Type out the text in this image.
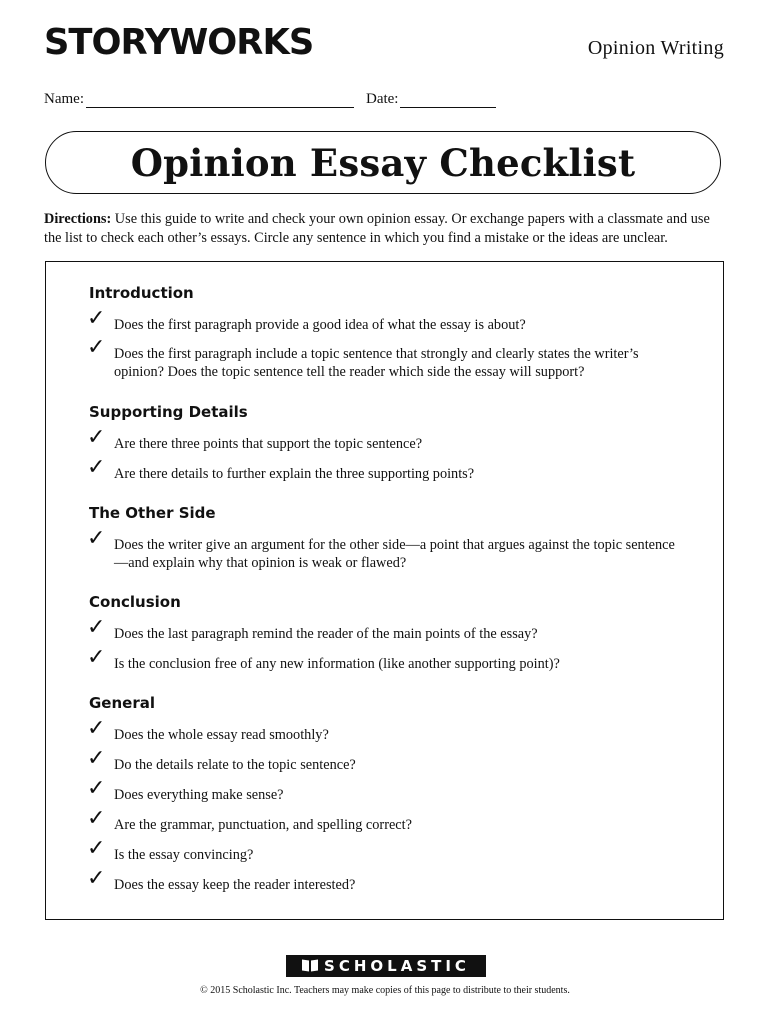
STORYWORKS	Opinion Writing
Name:	Date:
Opinion Essay Checklist
Directions: Use this guide to write and check your own opinion essay. Or exchange papers with a classmate and use the list to check each other’s essays. Circle any sentence in which you find a mistake or the ideas are unclear.
Introduction
✓ Does the first paragraph provide a good idea of what the essay is about?
✓ Does the first paragraph include a topic sentence that strongly and clearly states the writer’s opinion? Does the topic sentence tell the reader which side the essay will support?
Supporting Details
✓ Are there three points that support the topic sentence?
✓ Are there details to further explain the three supporting points?
The Other Side
✓ Does the writer give an argument for the other side—a point that argues against the topic sentence—and explain why that opinion is weak or flawed?
Conclusion
✓ Does the last paragraph remind the reader of the main points of the essay?
✓ Is the conclusion free of any new information (like another supporting point)?
General
✓ Does the whole essay read smoothly?
✓ Do the details relate to the topic sentence?
✓ Does everything make sense?
✓ Are the grammar, punctuation, and spelling correct?
✓ Is the essay convincing?
✓ Does the essay keep the reader interested?
SCHOLASTIC
© 2015 Scholastic Inc. Teachers may make copies of this page to distribute to their students.
